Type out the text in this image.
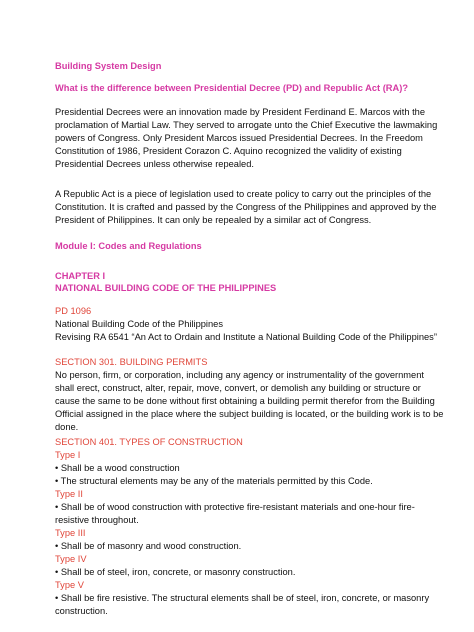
Building System Design

What is the difference between Presidential Decree (PD) and Republic Act (RA)?

Presidential Decrees were an innovation made by President Ferdinand E. Marcos with the

proclamation of Martial Law. They served to arrogate unto the Chief Executive the lawmaking

powers of Congress. Only President Marcos issued Presidential Decrees. In the Freedom

Constitution of 1986, President Corazon C. Aquino recognized the validity of existing

Presidential Decrees unless otherwise repealed.

A Republic Act is a piece of legislation used to create policy to carry out the principles of the

Constitution. It is crafted and passed by the Congress of the Philippines and approved by the

President of Philippines. It can only be repealed by a similar act of Congress.

Module I: Codes and Regulations

CHAPTER I

NATIONAL BUILDING CODE OF THE PHILIPPINES

PD 1096

National Building Code of the Philippines

Revising RA 6541 “An Act to Ordain and Institute a National Building Code of the Philippines”

SECTION 301. BUILDING PERMITS

No person, firm, or corporation, including any agency or instrumentality of the government

shall erect, construct, alter, repair, move, convert, or demolish any building or structure or

cause the same to be done without first obtaining a building permit therefor from the Building

Official assigned in the place where the subject building is located, or the building work is to be

done.

SECTION 401. TYPES OF CONSTRUCTION

Type I

• Shall be a wood construction

• The structural elements may be any of the materials permitted by this Code.

Type II

• Shall be of wood construction with protective fire-resistant materials and one-hour fire-

resistive throughout.

Type III

• Shall be of masonry and wood construction.

Type IV

• Shall be of steel, iron, concrete, or masonry construction.

Type V

• Shall be fire resistive. The structural elements shall be of steel, iron, concrete, or masonry

construction.
